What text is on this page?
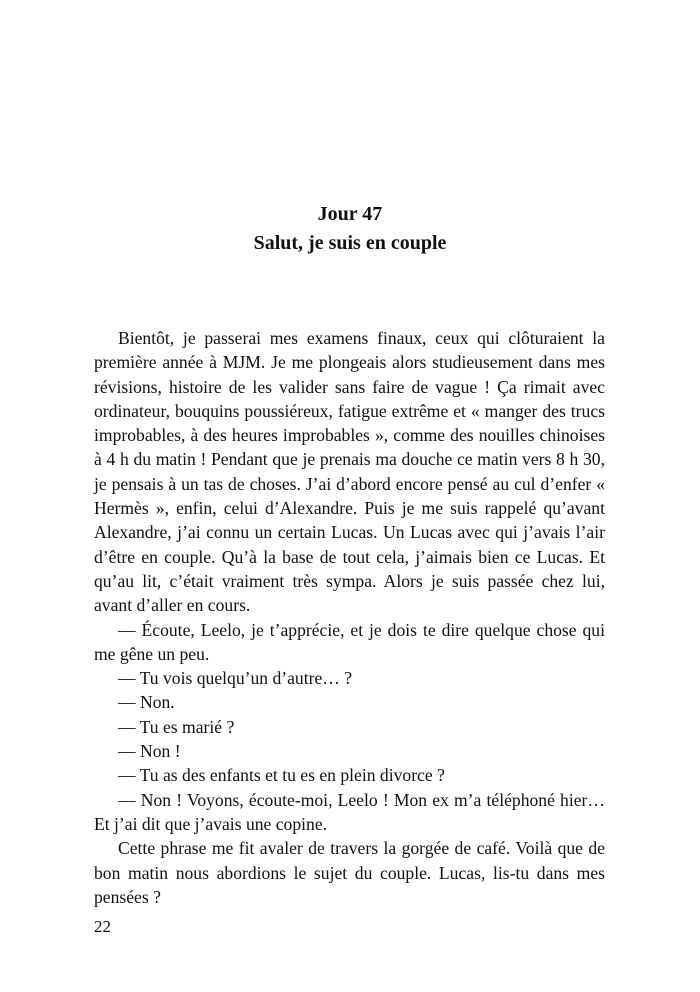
Jour 47
Salut, je suis en couple

Bientôt, je passerai mes examens finaux, ceux qui clôturaient la première année à MJM. Je me plongeais alors studieusement dans mes révisions, histoire de les valider sans faire de vague ! Ça rimait avec ordinateur, bouquins poussiéreux, fatigue extrême et « manger des trucs improbables, à des heures improbables », comme des nouilles chinoises à 4 h du matin ! Pendant que je prenais ma douche ce matin vers 8 h 30, je pensais à un tas de choses. J’ai d’abord encore pensé au cul d’enfer « Hermès », enfin, celui d’Alexandre. Puis je me suis rappelé qu’avant Alexandre, j’ai connu un certain Lucas. Un Lucas avec qui j’avais l’air d’être en couple. Qu’à la base de tout cela, j’aimais bien ce Lucas. Et qu’au lit, c’était vraiment très sympa. Alors je suis passée chez lui, avant d’aller en cours.

— Écoute, Leelo, je t’apprécie, et je dois te dire quelque chose qui me gêne un peu.

— Tu vois quelqu’un d’autre… ?

— Non.

— Tu es marié ?

— Non !

— Tu as des enfants et tu es en plein divorce ?

— Non ! Voyons, écoute-moi, Leelo ! Mon ex m’a téléphoné hier… Et j’ai dit que j’avais une copine.

Cette phrase me fit avaler de travers la gorgée de café. Voilà que de bon matin nous abordions le sujet du couple. Lucas, lis-tu dans mes pensées ?

22
